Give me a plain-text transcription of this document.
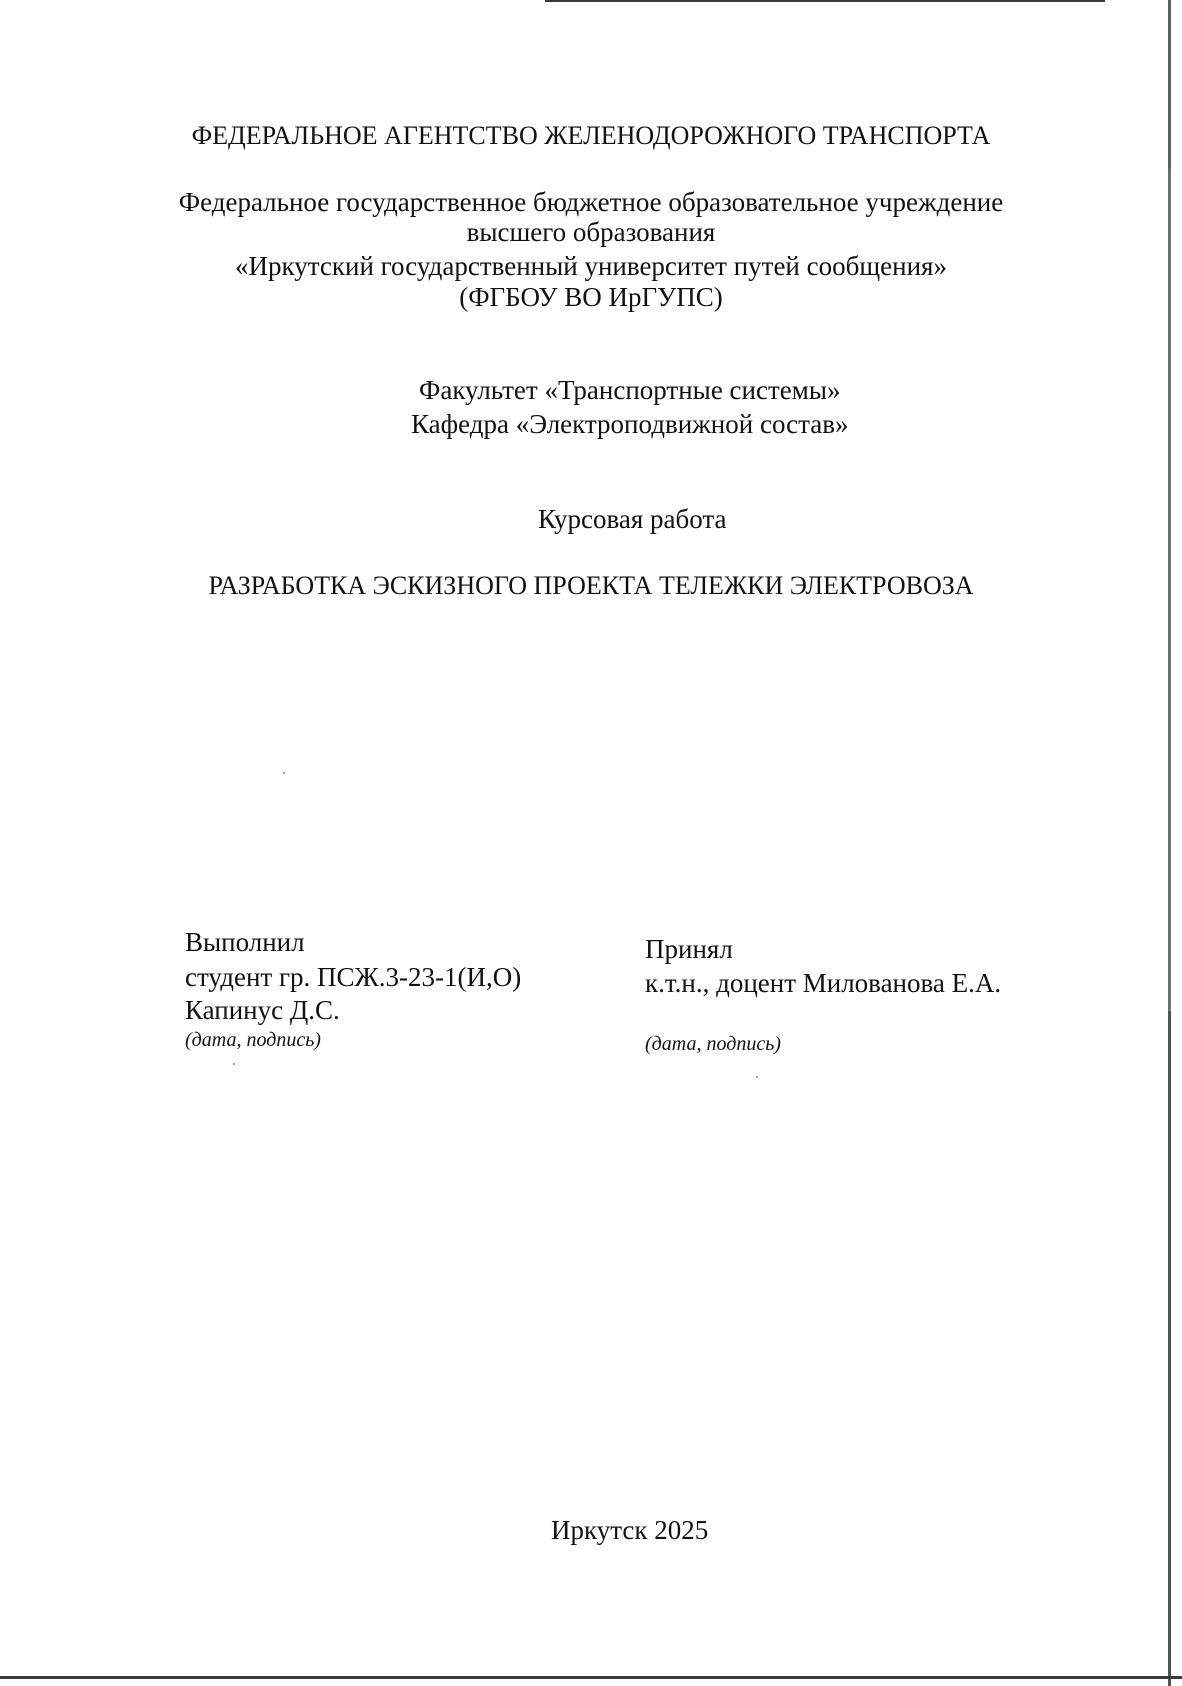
ФЕДЕРАЛЬНОЕ АГЕНТСТВО ЖЕЛЕНОДОРОЖНОГО ТРАНСПОРТА
Федеральное государственное бюджетное образовательное учреждение
высшего образования
«Иркутский государственный университет путей сообщения»
(ФГБОУ ВО ИрГУПС)
Факультет «Транспортные системы»
Кафедра «Электроподвижной состав»
Курсовая работа
РАЗРАБОТКА ЭСКИЗНОГО ПРОЕКТА ТЕЛЕЖКИ ЭЛЕКТРОВОЗА
Выполнил
студент гр. ПСЖ.3-23-1(И,О)
Капинус Д.С.
(дата, подпись)
Принял
к.т.н., доцент Милованова Е.А.
(дата, подпись)
Иркутск 2025
